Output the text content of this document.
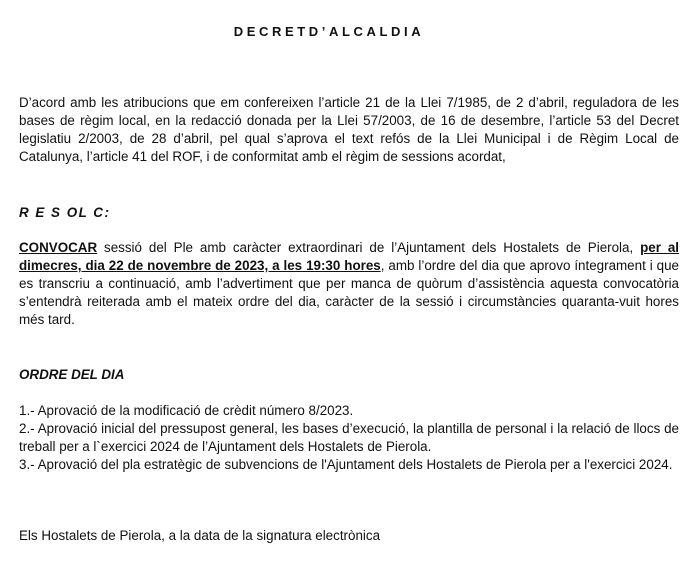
DECRETD’ALCALDIA
D’acord amb les atribucions que em confereixen l’article 21 de la Llei 7/1985, de 2 d’abril, reguladora de les bases de règim local, en la redacció donada per la Llei 57/2003, de 16 de desembre, l’article 53 del Decret legislatiu 2/2003, de 28 d’abril, pel qual s’aprova el text refós de la Llei Municipal i de Règim Local de Catalunya, l’article 41 del ROF, i de conformitat amb el règim de sessions acordat,
R E S OL C:
CONVOCAR sessió del Ple amb caràcter extraordinari de l’Ajuntament dels Hostalets de Pierola, per al dimecres, dia 22 de novembre de 2023, a les 19:30 hores, amb l’ordre del dia que aprovo íntegrament i que es transcriu a continuació, amb l’advertiment que per manca de quòrum d’assistència aquesta convocatòria s’entendrà reiterada amb el mateix ordre del dia, caràcter de la sessió i circumstàncies quaranta-vuit hores més tard.
ORDRE DEL DIA
1.- Aprovació de la modificació de crèdit número 8/2023.
2.- Aprovació inicial del pressupost general, les bases d’execució, la plantilla de personal i la relació de llocs de treball per a l`exercici 2024 de l’Ajuntament dels Hostalets de Pierola.
3.- Aprovació del pla estratègic de subvencions de l'Ajuntament dels Hostalets de Pierola per a l'exercici 2024.
Els Hostalets de Pierola, a la data de la signatura electrònica
